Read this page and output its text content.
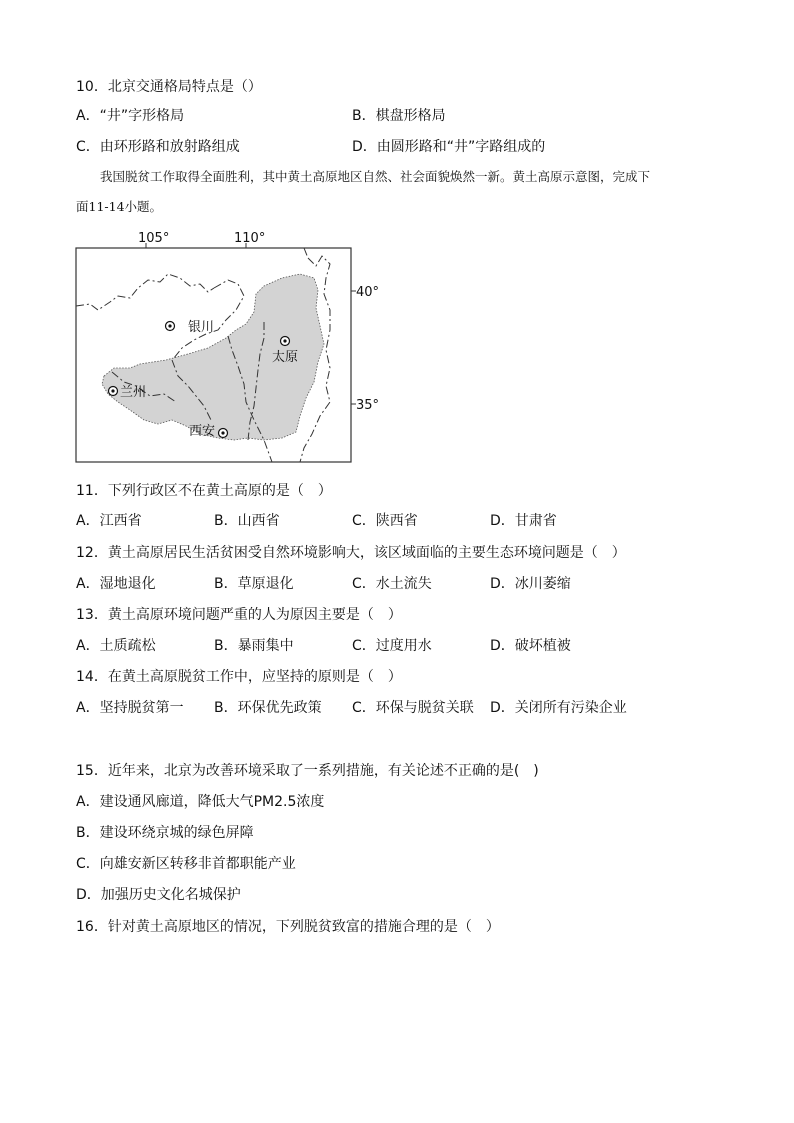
10．北京交通格局特点是（）
A．“井”字形格局	B．棋盘形格局
C．由环形路和放射路组成	D．由圆形路和“井”字路组成的
我国脱贫工作取得全面胜利，其中黄土高原地区自然、社会面貌焕然一新。黄土高原示意图，完成下
面11-14小题。
105°	110°
40°
35°
银川
太原
兰州
西安
11．下列行政区不在黄土高原的是（　）
A．江西省	B．山西省	C．陕西省	D．甘肃省
12．黄土高原居民生活贫困受自然环境影响大，该区域面临的主要生态环境问题是（　）
A．湿地退化	B．草原退化	C．水土流失	D．冰川萎缩
13．黄土高原环境问题严重的人为原因主要是（　）
A．土质疏松	B．暴雨集中	C．过度用水	D．破坏植被
14．在黄土高原脱贫工作中，应坚持的原则是（　）
A．坚持脱贫第一 B．环保优先政策 C．环保与脱贫关联 D．关闭所有污染企业
15．近年来，北京为改善环境采取了一系列措施，有关论述不正确的是(　)
A．建设通风廊道，降低大气PM2.5浓度
B．建设环绕京城的绿色屏障
C．向雄安新区转移非首都职能产业
D．加强历史文化名城保护
16．针对黄土高原地区的情况，下列脱贫致富的措施合理的是（　）
